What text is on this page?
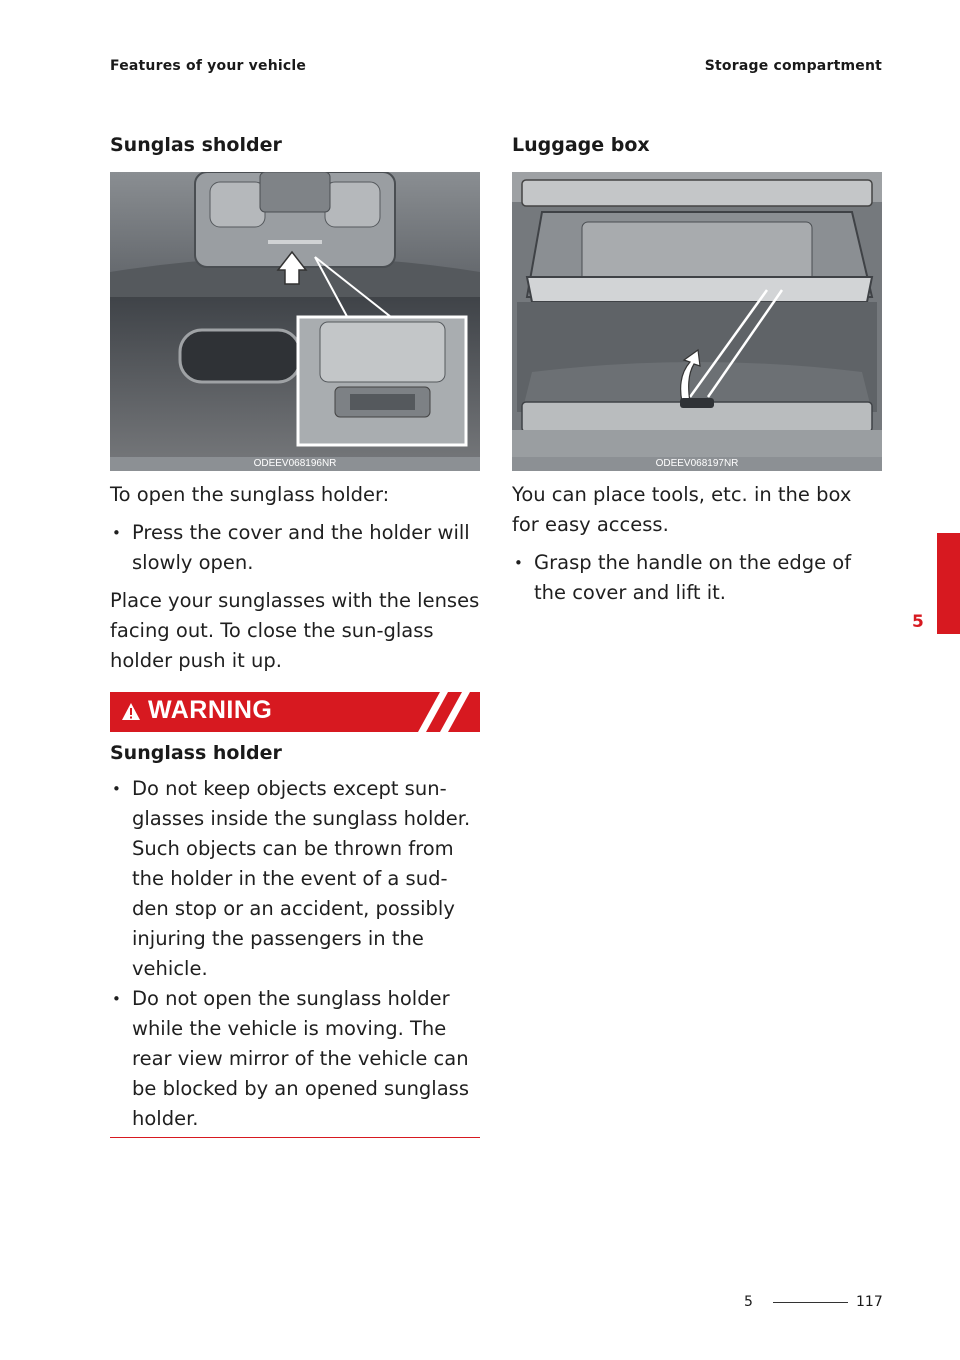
Features of your vehicle	Storage compartment
Sunglas sholder
ODEEV068196NR

To open the sunglass holder:

• Press the cover and the holder will slowly open.

Place your sunglasses with the lenses facing out. To close the sun-glass holder push it up.

WARNING
Sunglass holder
• Do not keep objects except sun-glasses inside the sunglass holder. Such objects can be thrown from the holder in the event of a sud-den stop or an accident, possibly injuring the passengers in the vehicle.
• Do not open the sunglass holder while the vehicle is moving. The rear view mirror of the vehicle can be blocked by an opened sunglass holder.
Luggage box
ODEEV068197NR

You can place tools, etc. in the box for easy access.

• Grasp the handle on the edge of the cover and lift it.
5
5	117
